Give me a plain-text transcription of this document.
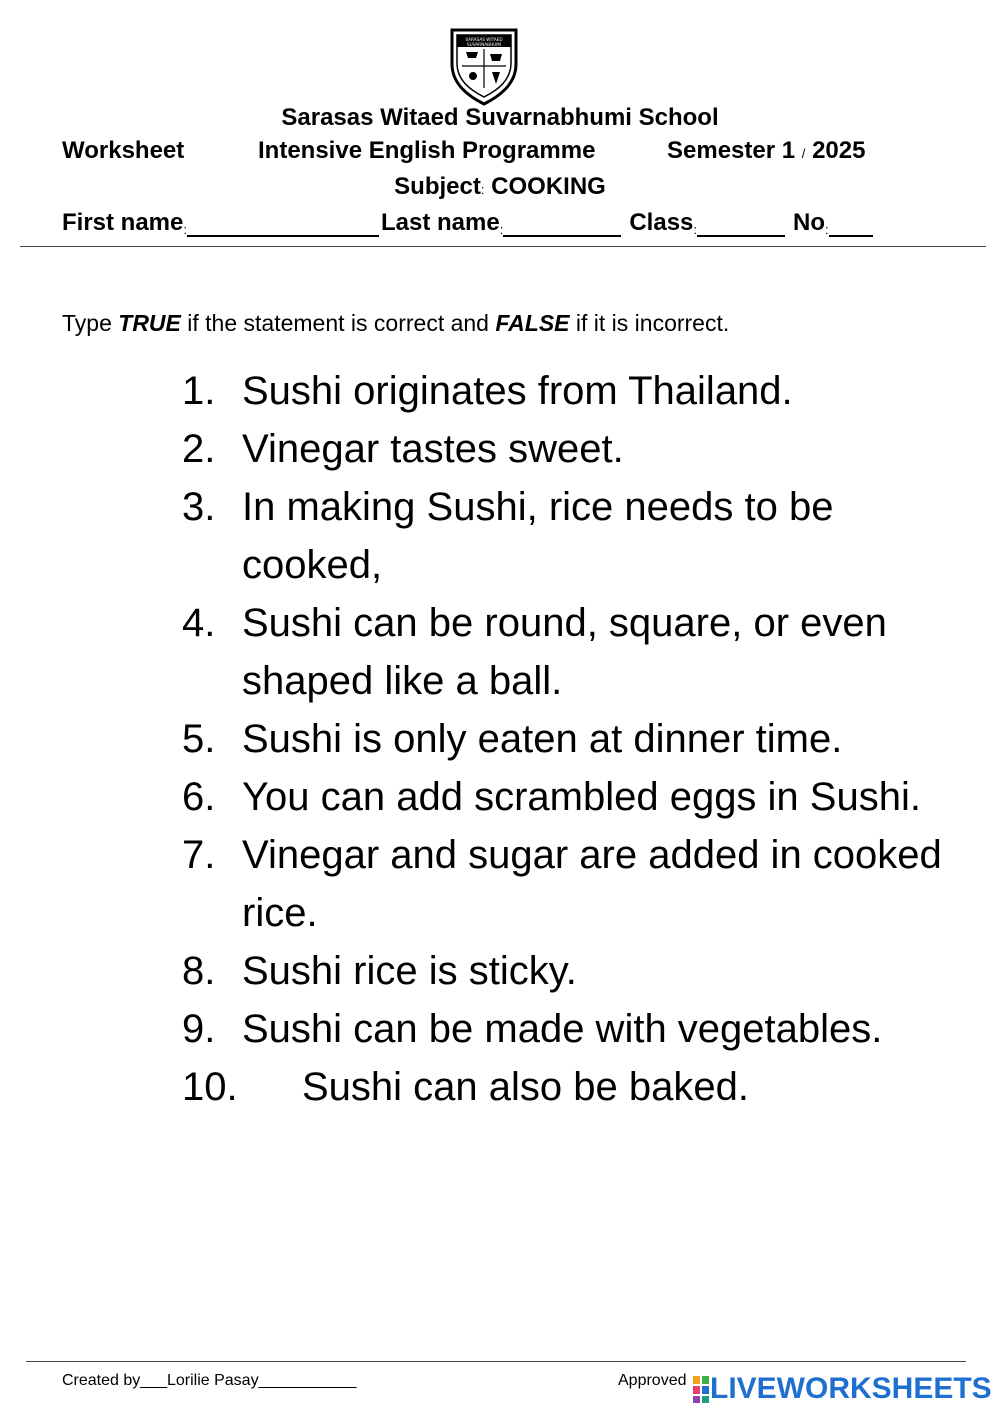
SARASAS WITAED
SUVARNABHUMI
Sarasas Witaed Suvarnabhumi School
Worksheet	Intensive English Programme	Semester 1 / 2025
Subject: COOKING
First name :	Last name :	Class :	No :
Type TRUE if the statement is correct and FALSE if it is incorrect.
1. Sushi originates from Thailand.
2. Vinegar tastes sweet.
3. In making Sushi, rice needs to be cooked,
4. Sushi can be round, square, or even shaped like a ball.
5. Sushi is only eaten at dinner time.
6. You can add scrambled eggs in Sushi.
7. Vinegar and sugar are added in cooked rice.
8. Sushi rice is sticky.
9. Sushi can be made with vegetables.
10.	Sushi can also be baked.
Created by___Lorilie Pasay___________	Approved LIVEWORKSHEETS
